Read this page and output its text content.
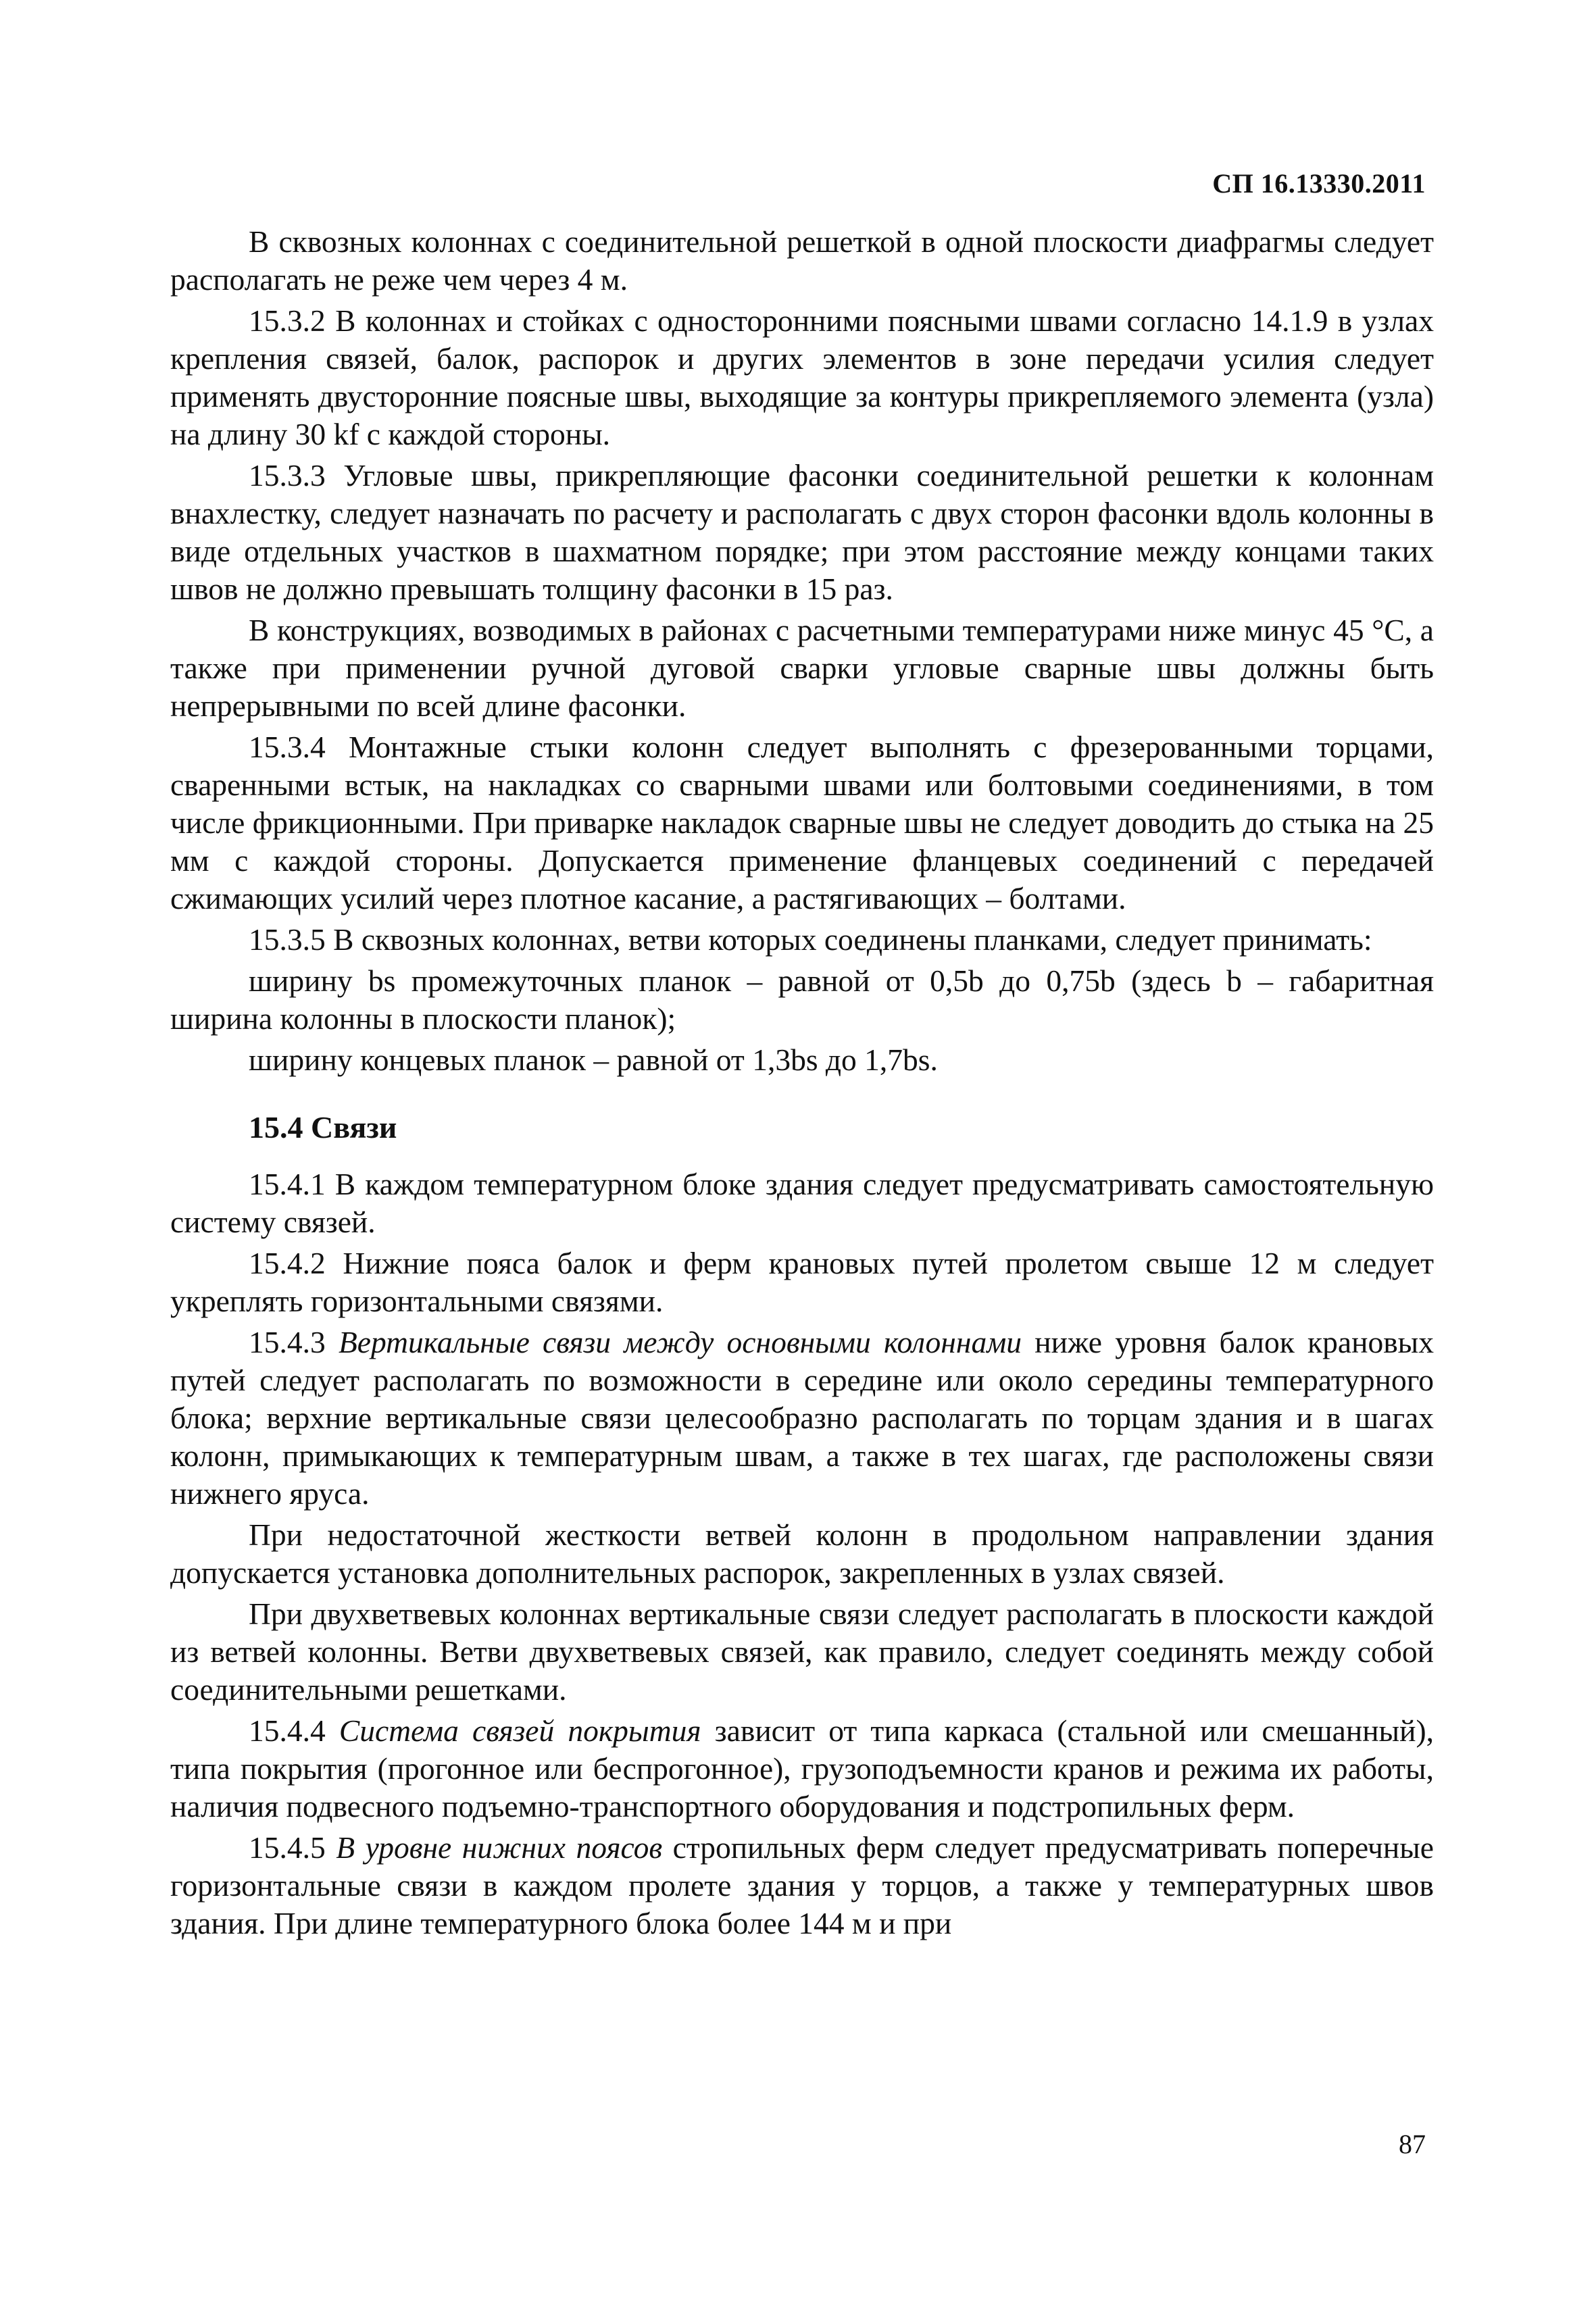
СП 16.13330.2011

В сквозных колоннах с соединительной решеткой в одной плоскости диафрагмы следует располагать не реже чем через 4 м.

15.3.2 В колоннах и стойках с односторонними поясными швами согласно 14.1.9 в узлах крепления связей, балок, распорок и других элементов в зоне передачи усилия следует применять двусторонние поясные швы, выходящие за контуры прикрепляемого элемента (узла) на длину 30 kf с каждой стороны.

15.3.3 Угловые швы, прикрепляющие фасонки соединительной решетки к колоннам внахлестку, следует назначать по расчету и располагать с двух сторон фасонки вдоль колонны в виде отдельных участков в шахматном порядке; при этом расстояние между концами таких швов не должно превышать толщину фасонки в 15 раз.

В конструкциях, возводимых в районах с расчетными температурами ниже минус 45 °С, а также при применении ручной дуговой сварки угловые сварные швы должны быть непрерывными по всей длине фасонки.

15.3.4 Монтажные стыки колонн следует выполнять с фрезерованными торцами, сваренными встык, на накладках со сварными швами или болтовыми соединениями, в том числе фрикционными. При приварке накладок сварные швы не следует доводить до стыка на 25 мм с каждой стороны. Допускается применение фланцевых соединений с передачей сжимающих усилий через плотное касание, а растягивающих – болтами.

15.3.5 В сквозных колоннах, ветви которых соединены планками, следует принимать:

ширину bs промежуточных планок – равной от 0,5b до 0,75b (здесь b – габаритная ширина колонны в плоскости планок);

ширину концевых планок – равной от 1,3bs до 1,7bs.

15.4 Связи

15.4.1 В каждом температурном блоке здания следует предусматривать самостоятельную систему связей.

15.4.2 Нижние пояса балок и ферм крановых путей пролетом свыше 12 м следует укреплять горизонтальными связями.

15.4.3 Вертикальные связи между основными колоннами ниже уровня балок крановых путей следует располагать по возможности в середине или около середины температурного блока; верхние вертикальные связи целесообразно располагать по торцам здания и в шагах колонн, примыкающих к температурным швам, а также в тех шагах, где расположены связи нижнего яруса.

При недостаточной жесткости ветвей колонн в продольном направлении здания допускается установка дополнительных распорок, закрепленных в узлах связей.

При двухветвевых колоннах вертикальные связи следует располагать в плоскости каждой из ветвей колонны. Ветви двухветвевых связей, как правило, следует соединять между собой соединительными решетками.

15.4.4 Система связей покрытия зависит от типа каркаса (стальной или смешанный), типа покрытия (прогонное или беспрогонное), грузоподъемности кранов и режима их работы, наличия подвесного подъемно-транспортного оборудования и подстропильных ферм.

15.4.5 В уровне нижних поясов стропильных ферм следует предусматривать поперечные горизонтальные связи в каждом пролете здания у торцов, а также у температурных швов здания. При длине температурного блока более 144 м и при

87
